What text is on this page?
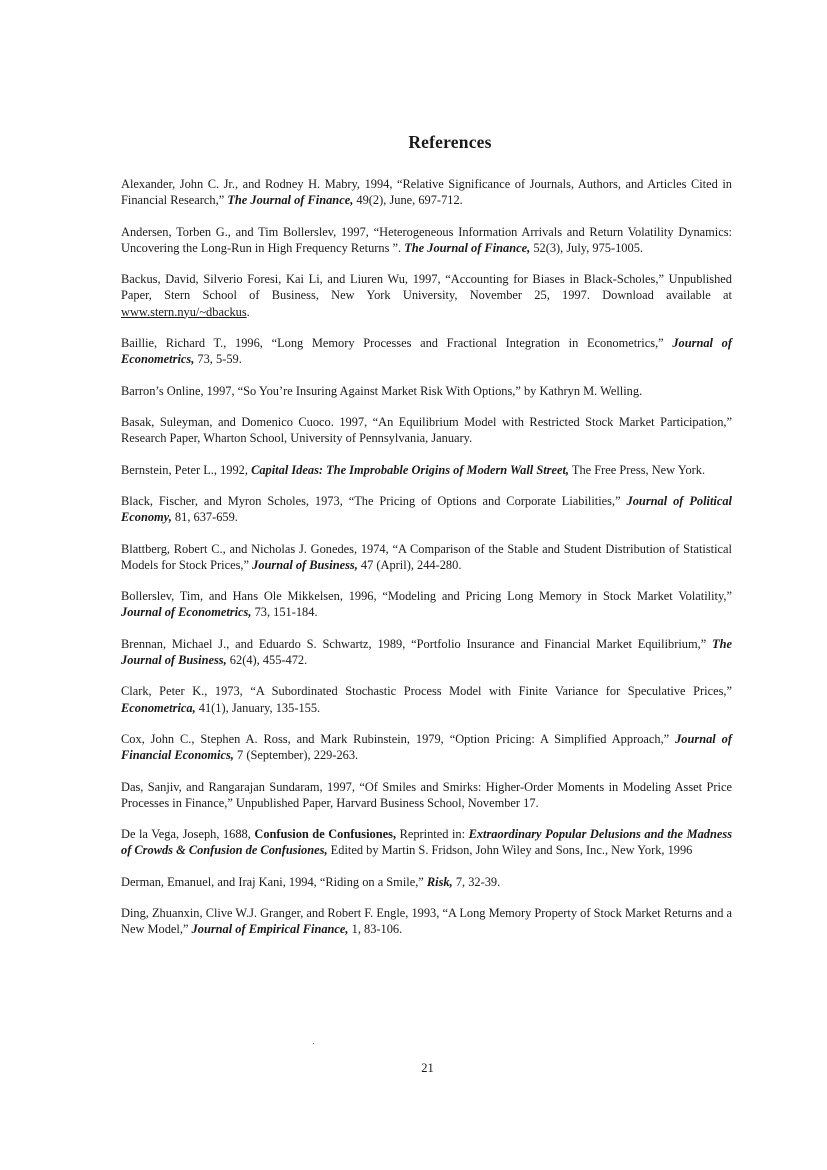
References

Alexander, John C. Jr., and Rodney H. Mabry, 1994, “Relative Significance of Journals, Authors, and Articles Cited in Financial Research,” The Journal of Finance, 49(2), June, 697-712.

Andersen, Torben G., and Tim Bollerslev, 1997, “Heterogeneous Information Arrivals and Return Volatility Dynamics: Uncovering the Long-Run in High Frequency Returns ”. The Journal of Finance, 52(3), July, 975-1005.

Backus, David, Silverio Foresi, Kai Li, and Liuren Wu, 1997, “Accounting for Biases in Black-Scholes,” Unpublished Paper, Stern School of Business, New York University, November 25, 1997. Download available at www.stern.nyu/~dbackus.

Baillie, Richard T., 1996, “Long Memory Processes and Fractional Integration in Econometrics,” Journal of Econometrics, 73, 5-59.

Barron’s Online, 1997, “So You’re Insuring Against Market Risk With Options,” by Kathryn M. Welling.

Basak, Suleyman, and Domenico Cuoco. 1997, “An Equilibrium Model with Restricted Stock Market Participation,” Research Paper, Wharton School, University of Pennsylvania, January.

Bernstein, Peter L., 1992, Capital Ideas: The Improbable Origins of Modern Wall Street, The Free Press, New York.

Black, Fischer, and Myron Scholes, 1973, “The Pricing of Options and Corporate Liabilities,” Journal of Political Economy, 81, 637-659.

Blattberg, Robert C., and Nicholas J. Gonedes, 1974, “A Comparison of the Stable and Student Distribution of Statistical Models for Stock Prices,” Journal of Business, 47 (April), 244-280.

Bollerslev, Tim, and Hans Ole Mikkelsen, 1996, “Modeling and Pricing Long Memory in Stock Market Volatility,” Journal of Econometrics, 73, 151-184.

Brennan, Michael J., and Eduardo S. Schwartz, 1989, “Portfolio Insurance and Financial Market Equilibrium,” The Journal of Business, 62(4), 455-472.

Clark, Peter K., 1973, “A Subordinated Stochastic Process Model with Finite Variance for Speculative Prices,” Econometrica, 41(1), January, 135-155.

Cox, John C., Stephen A. Ross, and Mark Rubinstein, 1979, “Option Pricing: A Simplified Approach,” Journal of Financial Economics, 7 (September), 229-263.

Das, Sanjiv, and Rangarajan Sundaram, 1997, “Of Smiles and Smirks: Higher-Order Moments in Modeling Asset Price Processes in Finance,” Unpublished Paper, Harvard Business School, November 17.

De la Vega, Joseph, 1688, Confusion de Confusiones, Reprinted in: Extraordinary Popular Delusions and the Madness of Crowds & Confusion de Confusiones, Edited by Martin S. Fridson, John Wiley and Sons, Inc., New York, 1996

Derman, Emanuel, and Iraj Kani, 1994, “Riding on a Smile,” Risk, 7, 32-39.

Ding, Zhuanxin, Clive W.J. Granger, and Robert F. Engle, 1993, “A Long Memory Property of Stock Market Returns and a New Model,” Journal of Empirical Finance, 1, 83-106.

21
